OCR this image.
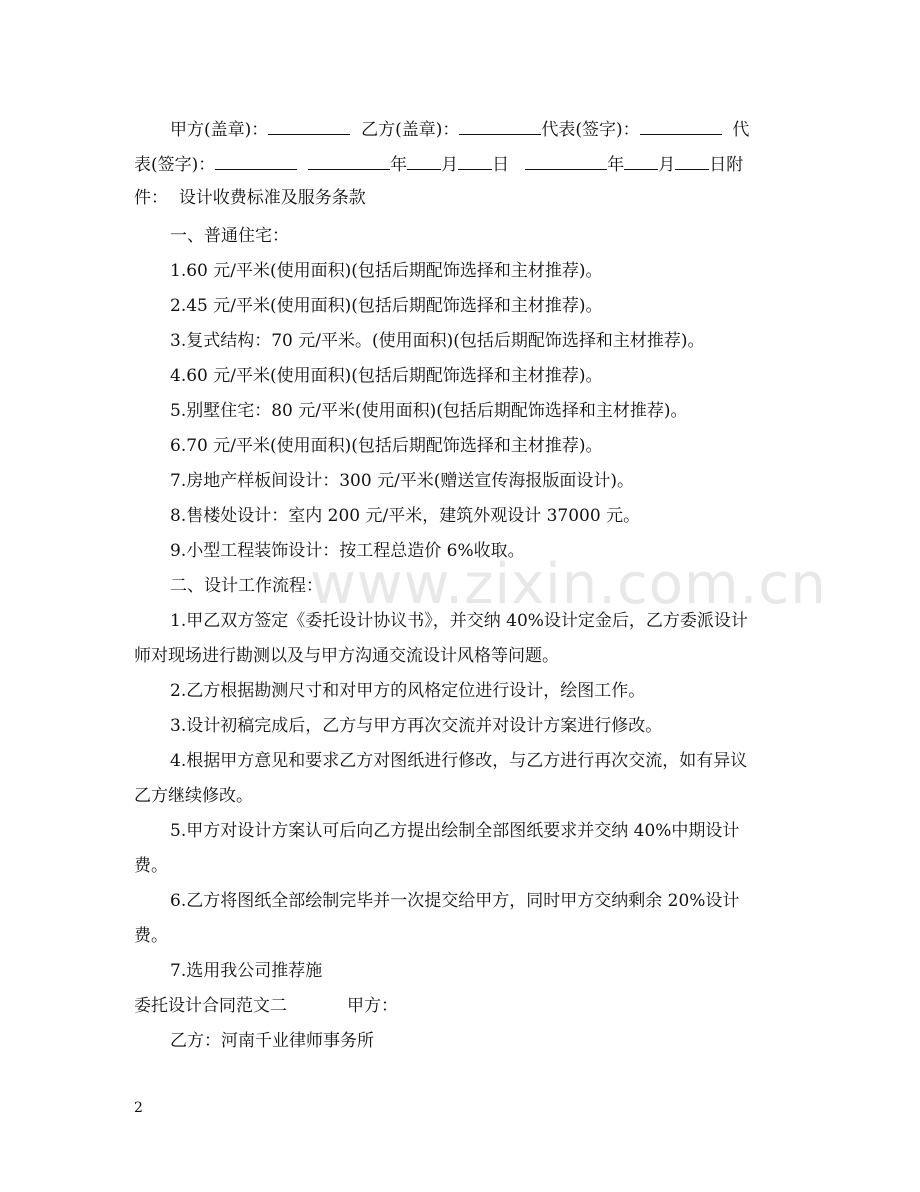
www.zixin.com.cn
甲方(盖章)：	乙方(盖章)：	代表(签字)：	代
表(签字)：	年 月 日	年 月 日附
件： 设计收费标准及服务条款
一、普通住宅：
1.60 元/平米(使用面积)(包括后期配饰选择和主材推荐)。
2.45 元/平米(使用面积)(包括后期配饰选择和主材推荐)。
3.复式结构：70 元/平米。(使用面积)(包括后期配饰选择和主材推荐)。
4.60 元/平米(使用面积)(包括后期配饰选择和主材推荐)。
5.别墅住宅：80 元/平米(使用面积)(包括后期配饰选择和主材推荐)。
6.70 元/平米(使用面积)(包括后期配饰选择和主材推荐)。
7.房地产样板间设计：300 元/平米(赠送宣传海报版面设计)。
8.售楼处设计：室内 200 元/平米，建筑外观设计 37000 元。
9.小型工程装饰设计：按工程总造价 6%收取。
二、设计工作流程：
1.甲乙双方签定《委托设计协议书》，并交纳 40%设计定金后，乙方委派设计
师对现场进行勘测以及与甲方沟通交流设计风格等问题。
2.乙方根据勘测尺寸和对甲方的风格定位进行设计，绘图工作。
3.设计初稿完成后，乙方与甲方再次交流并对设计方案进行修改。
4.根据甲方意见和要求乙方对图纸进行修改，与乙方进行再次交流，如有异议
乙方继续修改。
5.甲方对设计方案认可后向乙方提出绘制全部图纸要求并交纳 40%中期设计
费。
6.乙方将图纸全部绘制完毕并一次提交给甲方，同时甲方交纳剩余 20%设计
费。
7.选用我公司推荐施
委托设计合同范文二	甲方：
乙方：河南千业律师事务所
2
